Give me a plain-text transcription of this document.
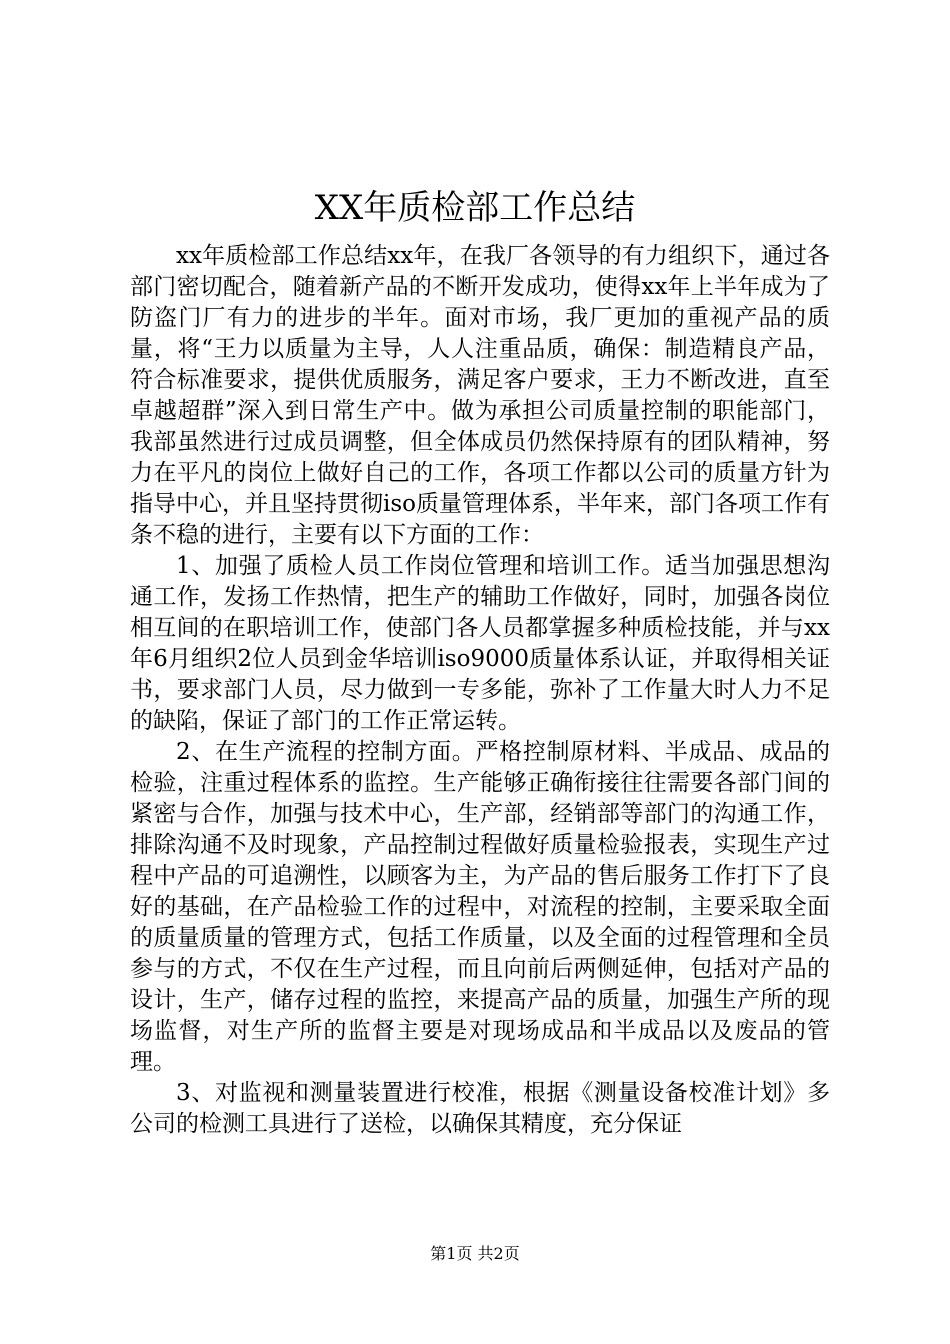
XX年质检部工作总结

xx年质检部工作总结xx年，在我厂各领导的有力组织下，通过各部门密切配合，随着新产品的不断开发成功，使得xx年上半年成为了防盗门厂有力的进步的半年。面对市场，我厂更加的重视产品的质量，将“王力以质量为主导，人人注重品质，确保：制造精良产品，符合标准要求，提供优质服务，满足客户要求，王力不断改进，直至卓越超群”深入到日常生产中。做为承担公司质量控制的职能部门，我部虽然进行过成员调整，但全体成员仍然保持原有的团队精神，努力在平凡的岗位上做好自己的工作，各项工作都以公司的质量方针为指导中心，并且坚持贯彻iso质量管理体系，半年来，部门各项工作有条不稳的进行，主要有以下方面的工作：

1、加强了质检人员工作岗位管理和培训工作。适当加强思想沟通工作，发扬工作热情，把生产的辅助工作做好，同时，加强各岗位相互间的在职培训工作，使部门各人员都掌握多种质检技能，并与xx年6月组织2位人员到金华培训iso9000质量体系认证，并取得相关证书，要求部门人员，尽力做到一专多能，弥补了工作量大时人力不足的缺陷，保证了部门的工作正常运转。

2、在生产流程的控制方面。严格控制原材料、半成品、成品的检验，注重过程体系的监控。生产能够正确衔接往往需要各部门间的紧密与合作，加强与技术中心，生产部，经销部等部门的沟通工作，排除沟通不及时现象，产品控制过程做好质量检验报表，实现生产过程中产品的可追溯性，以顾客为主，为产品的售后服务工作打下了良好的基础，在产品检验工作的过程中，对流程的控制，主要采取全面的质量质量的管理方式，包括工作质量，以及全面的过程管理和全员参与的方式，不仅在生产过程，而且向前后两侧延伸，包括对产品的设计，生产，储存过程的监控，来提高产品的质量，加强生产所的现场监督，对生产所的监督主要是对现场成品和半成品以及废品的管理。

3、对监视和测量装置进行校准，根据《测量设备校准计划》多公司的检测工具进行了送检，以确保其精度，充分保证

第1页 共2页
